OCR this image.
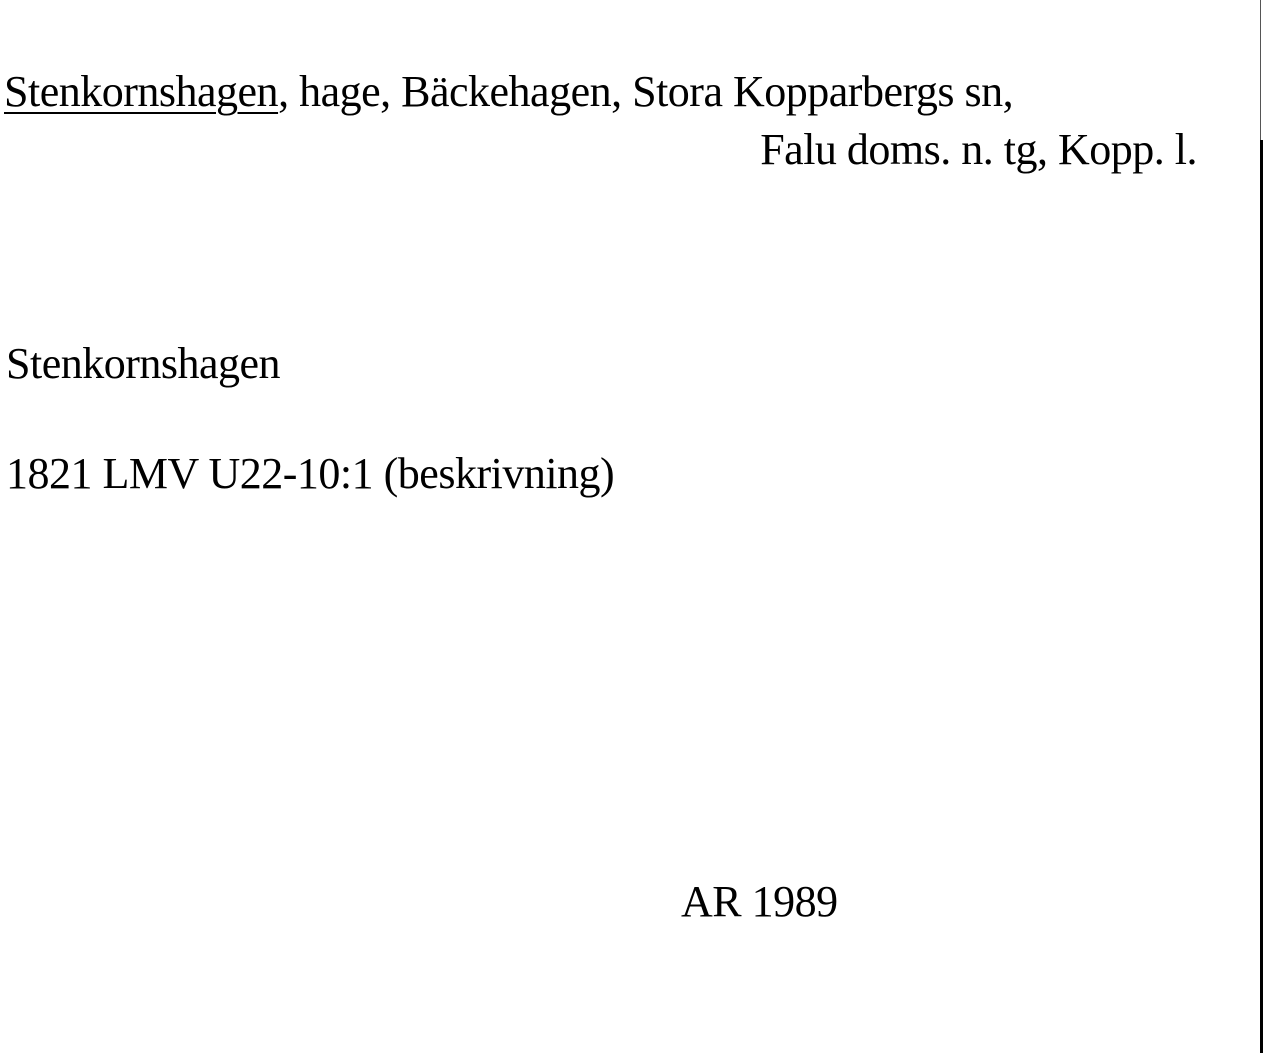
Stenkornshagen, hage, Bäckehagen, Stora Kopparbergs sn,
Falu doms. n. tg, Kopp. l.
Stenkornshagen
1821 LMV U22-10:1 (beskrivning)
AR 1989
